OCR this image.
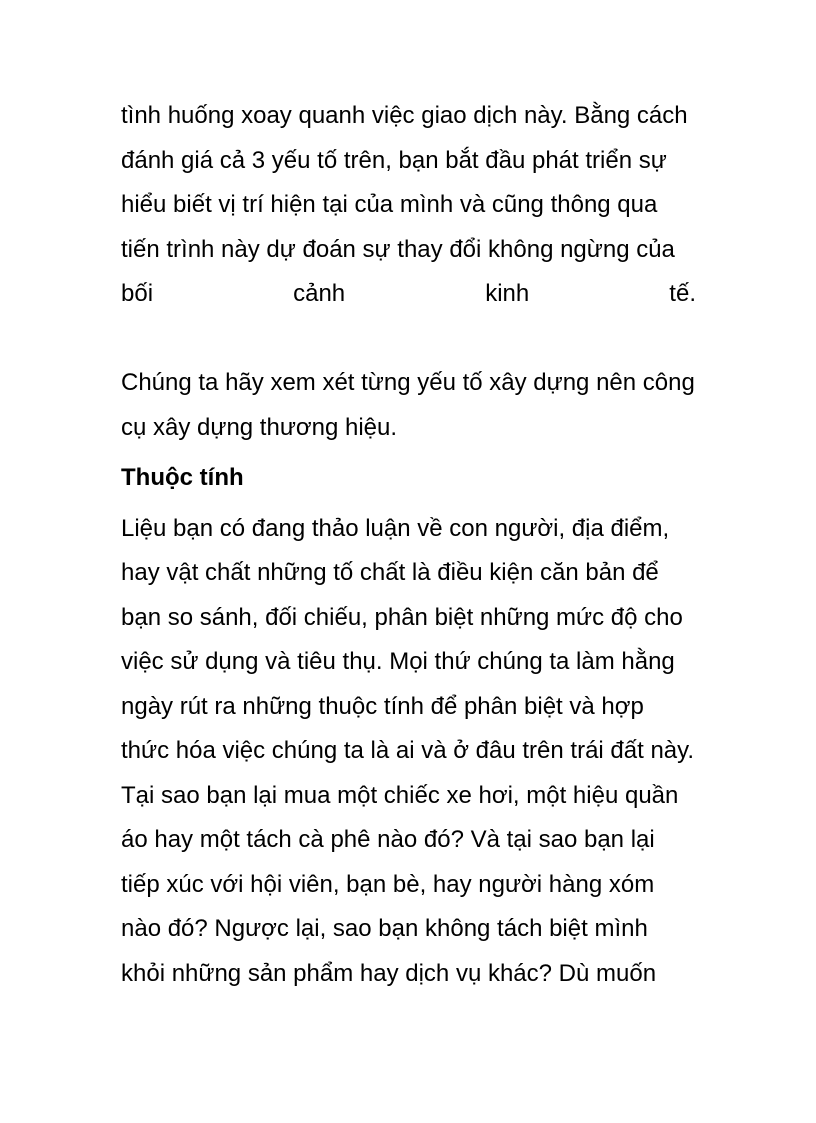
tình huống xoay quanh việc giao dịch này. Bằng cách
đánh giá cả 3 yếu tố trên, bạn bắt đầu phát triển sự
hiểu biết vị trí hiện tại của mình và cũng thông qua
tiến trình này dự đoán sự thay đổi không ngừng của
bối	cảnh	kinh	tế.
Chúng ta hãy xem xét từng yếu tố xây dựng nên công
cụ xây dựng thương hiệu.
Thuộc tính
Liệu bạn có đang thảo luận về con người, địa điểm,
hay vật chất những tố chất là điều kiện căn bản để
bạn so sánh, đối chiếu, phân biệt những mức độ cho
việc sử dụng và tiêu thụ. Mọi thứ chúng ta làm hằng
ngày rút ra những thuộc tính để phân biệt và hợp
thức hóa việc chúng ta là ai và ở đâu trên trái đất này.
Tại sao bạn lại mua một chiếc xe hơi, một hiệu quần
áo hay một tách cà phê nào đó? Và tại sao bạn lại
tiếp xúc với hội viên, bạn bè, hay người hàng xóm
nào đó? Ngược lại, sao bạn không tách biệt mình
khỏi những sản phẩm hay dịch vụ khác? Dù muốn
